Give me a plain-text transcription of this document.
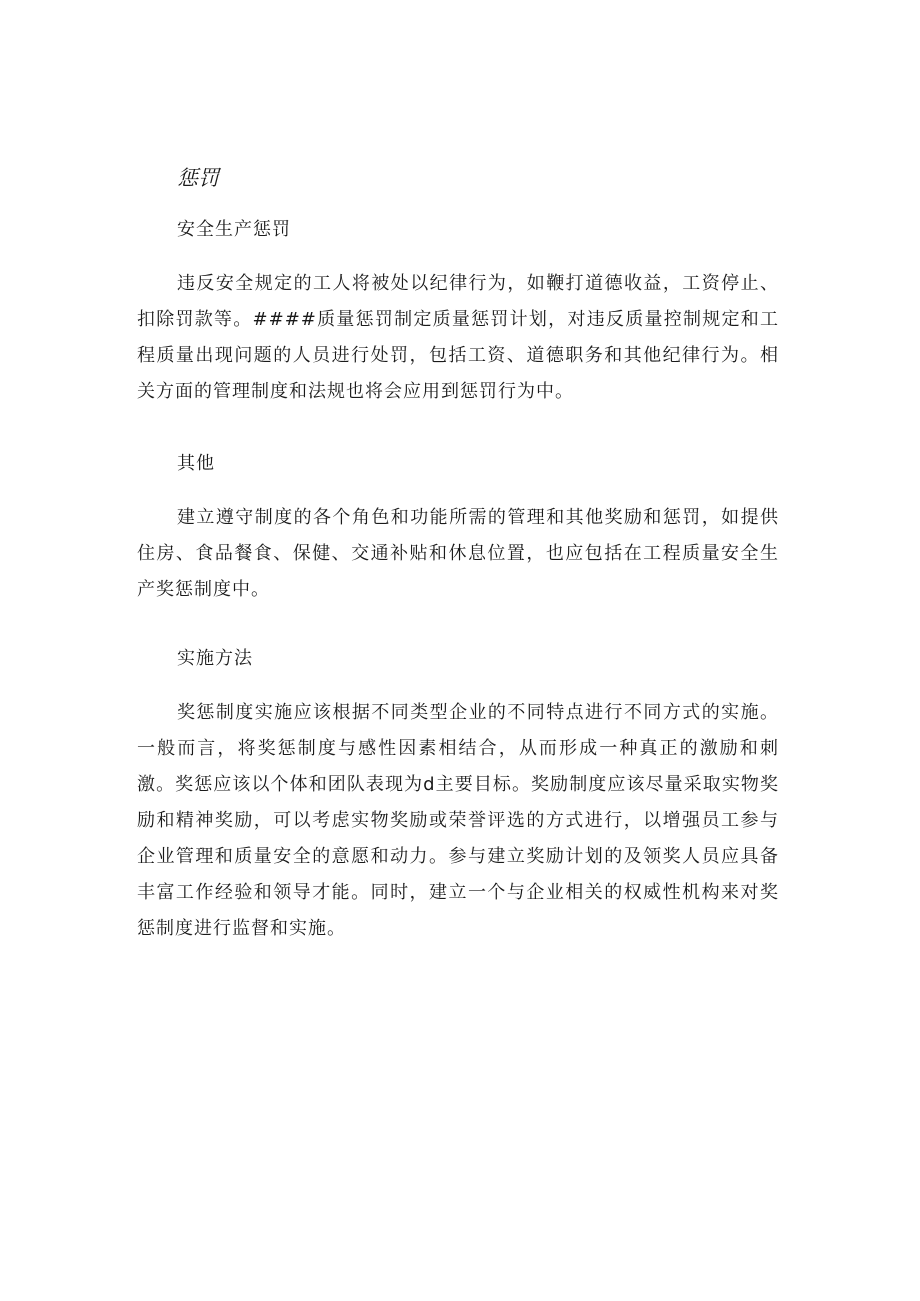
惩罚
安全生产惩罚

违反安全规定的工人将被处以纪律行为，如鞭打道德收益，工资停止、扣除罚款等。####质量惩罚制定质量惩罚计划，对违反质量控制规定和工程质量出现问题的人员进行处罚，包括工资、道德职务和其他纪律行为。相关方面的管理制度和法规也将会应用到惩罚行为中。

其他

建立遵守制度的各个角色和功能所需的管理和其他奖励和惩罚，如提供住房、食品餐食、保健、交通补贴和休息位置，也应包括在工程质量安全生产奖惩制度中。

实施方法

奖惩制度实施应该根据不同类型企业的不同特点进行不同方式的实施。一般而言，将奖惩制度与感性因素相结合，从而形成一种真正的激励和刺激。奖惩应该以个体和团队表现为d主要目标。奖励制度应该尽量采取实物奖励和精神奖励，可以考虑实物奖励或荣誉评选的方式进行，以增强员工参与企业管理和质量安全的意愿和动力。参与建立奖励计划的及领奖人员应具备丰富工作经验和领导才能。同时，建立一个与企业相关的权威性机构来对奖惩制度进行监督和实施。
